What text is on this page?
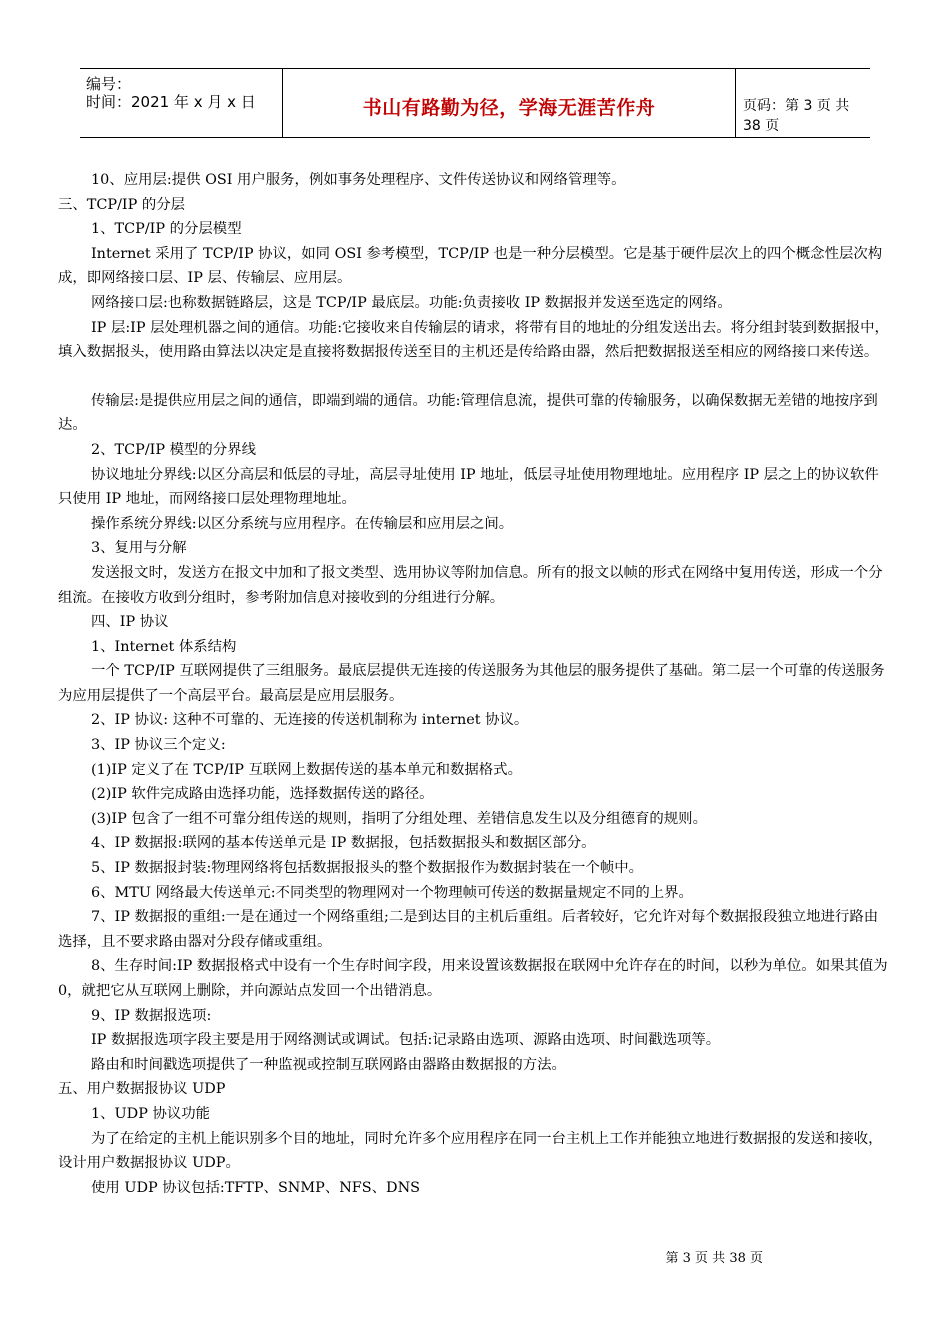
编号：
时间：2021 年 x 月 x 日	书山有路勤为径，学海无涯苦作舟	页码：第 3 页 共 38 页

10、应用层:提供 OSI 用户服务，例如事务处理程序、文件传送协议和网络管理等。

三、TCP/IP 的分层

1、TCP/IP 的分层模型

Internet 采用了 TCP/IP 协议，如同 OSI 参考模型，TCP/IP 也是一种分层模型。它是基于硬件层次上的四个概念性层次构成，即网络接口层、IP 层、传输层、应用层。

网络接口层:也称数据链路层，这是 TCP/IP 最底层。功能:负责接收 IP 数据报并发送至选定的网络。

IP 层:IP 层处理机器之间的通信。功能:它接收来自传输层的请求，将带有目的地址的分组发送出去。将分组封装到数据报中，填入数据报头，使用路由算法以决定是直接将数据报传送至目的主机还是传给路由器，然后把数据报送至相应的网络接口来传送。

传输层:是提供应用层之间的通信，即端到端的通信。功能:管理信息流，提供可靠的传输服务，以确保数据无差错的地按序到达。

2、TCP/IP 模型的分界线

协议地址分界线:以区分高层和低层的寻址，高层寻址使用 IP 地址，低层寻址使用物理地址。应用程序 IP 层之上的协议软件只使用 IP 地址，而网络接口层处理物理地址。

操作系统分界线:以区分系统与应用程序。在传输层和应用层之间。

3、复用与分解

发送报文时，发送方在报文中加和了报文类型、选用协议等附加信息。所有的报文以帧的形式在网络中复用传送，形成一个分组流。在接收方收到分组时，参考附加信息对接收到的分组进行分解。

四、IP 协议

1、Internet 体系结构

一个 TCP/IP 互联网提供了三组服务。最底层提供无连接的传送服务为其他层的服务提供了基础。第二层一个可靠的传送服务为应用层提供了一个高层平台。最高层是应用层服务。

2、IP 协议: 这种不可靠的、无连接的传送机制称为 internet 协议。

3、IP 协议三个定义:

(1)IP 定义了在 TCP/IP 互联网上数据传送的基本单元和数据格式。

(2)IP 软件完成路由选择功能，选择数据传送的路径。

(3)IP 包含了一组不可靠分组传送的规则，指明了分组处理、差错信息发生以及分组德育的规则。

4、IP 数据报:联网的基本传送单元是 IP 数据报，包括数据报头和数据区部分。

5、IP 数据报封装:物理网络将包括数据报报头的整个数据报作为数据封装在一个帧中。

6、MTU 网络最大传送单元:不同类型的物理网对一个物理帧可传送的数据量规定不同的上界。

7、IP 数据报的重组:一是在通过一个网络重组;二是到达目的主机后重组。后者较好，它允许对每个数据报段独立地进行路由选择，且不要求路由器对分段存储或重组。

8、生存时间:IP 数据报格式中设有一个生存时间字段，用来设置该数据报在联网中允许存在的时间，以秒为单位。如果其值为 0，就把它从互联网上删除，并向源站点发回一个出错消息。

9、IP 数据报选项:

IP 数据报选项字段主要是用于网络测试或调试。包括:记录路由选项、源路由选项、时间戳选项等。

路由和时间戳选项提供了一种监视或控制互联网路由器路由数据报的方法。

五、用户数据报协议 UDP

1、UDP 协议功能

为了在给定的主机上能识别多个目的地址，同时允许多个应用程序在同一台主机上工作并能独立地进行数据报的发送和接收，设计用户数据报协议 UDP。

使用 UDP 协议包括:TFTP、SNMP、NFS、DNS

第 3 页 共 38 页
